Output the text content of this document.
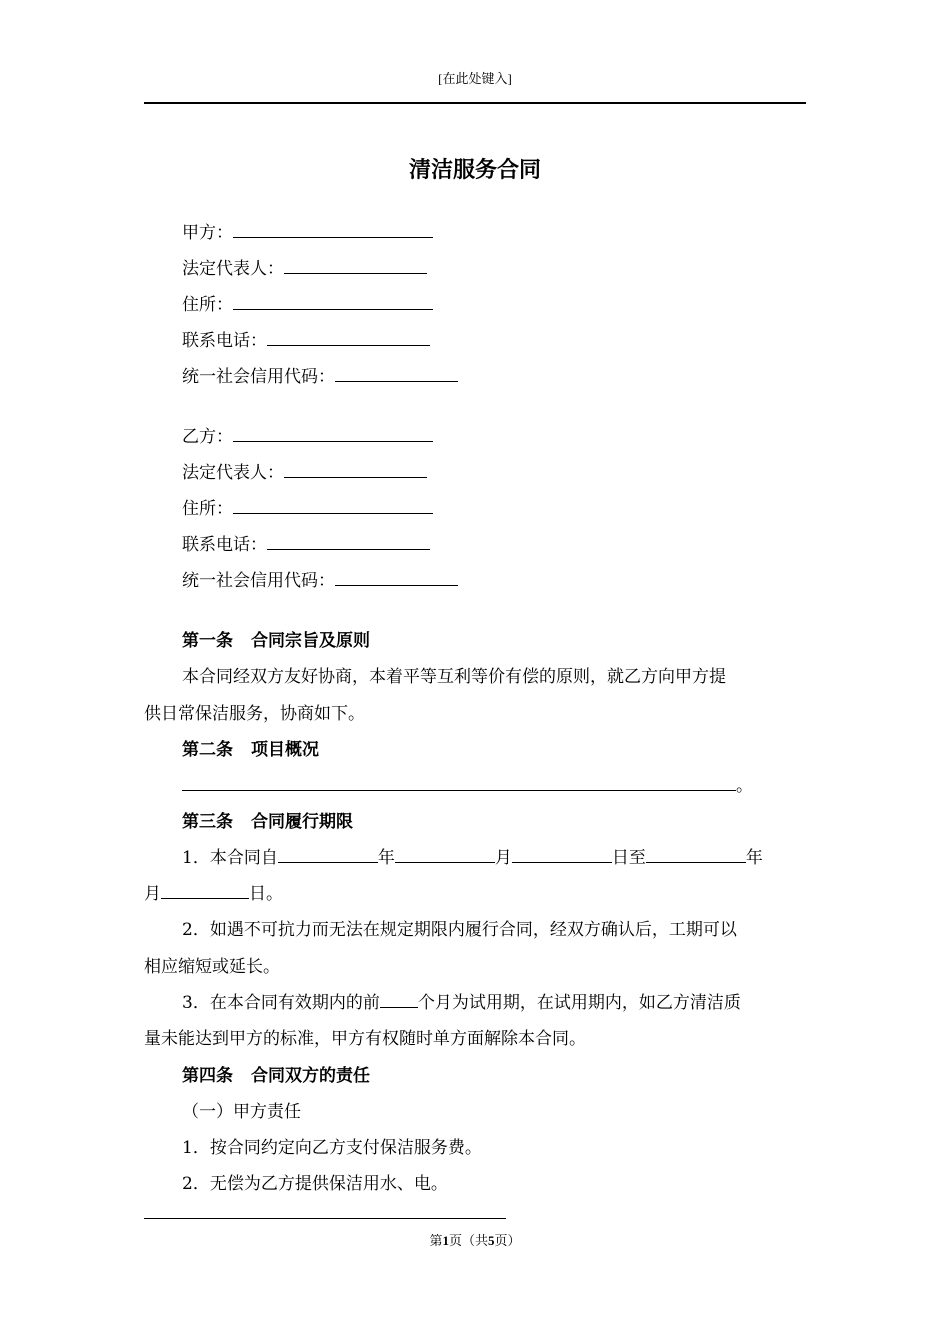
[在此处键入]
清洁服务合同
甲方：
法定代表人：
住所：
联系电话：
统一社会信用代码：
乙方：
法定代表人：
住所：
联系电话：
统一社会信用代码：
第一条 合同宗旨及原则
本合同经双方友好协商，本着平等互利等价有偿的原则，就乙方向甲方提
供日常保洁服务，协商如下。
第二条 项目概况
。
第三条 合同履行期限
1．本合同自	年	月	日至	年
月	日。
2．如遇不可抗力而无法在规定期限内履行合同，经双方确认后，工期可以
相应缩短或延长。
3．在本合同有效期内的前 个月为试用期，在试用期内，如乙方清洁质
量未能达到甲方的标准，甲方有权随时单方面解除本合同。
第四条 合同双方的责任
（一）甲方责任
1．按合同约定向乙方支付保洁服务费。
2．无偿为乙方提供保洁用水、电。
第1页（共5页）
